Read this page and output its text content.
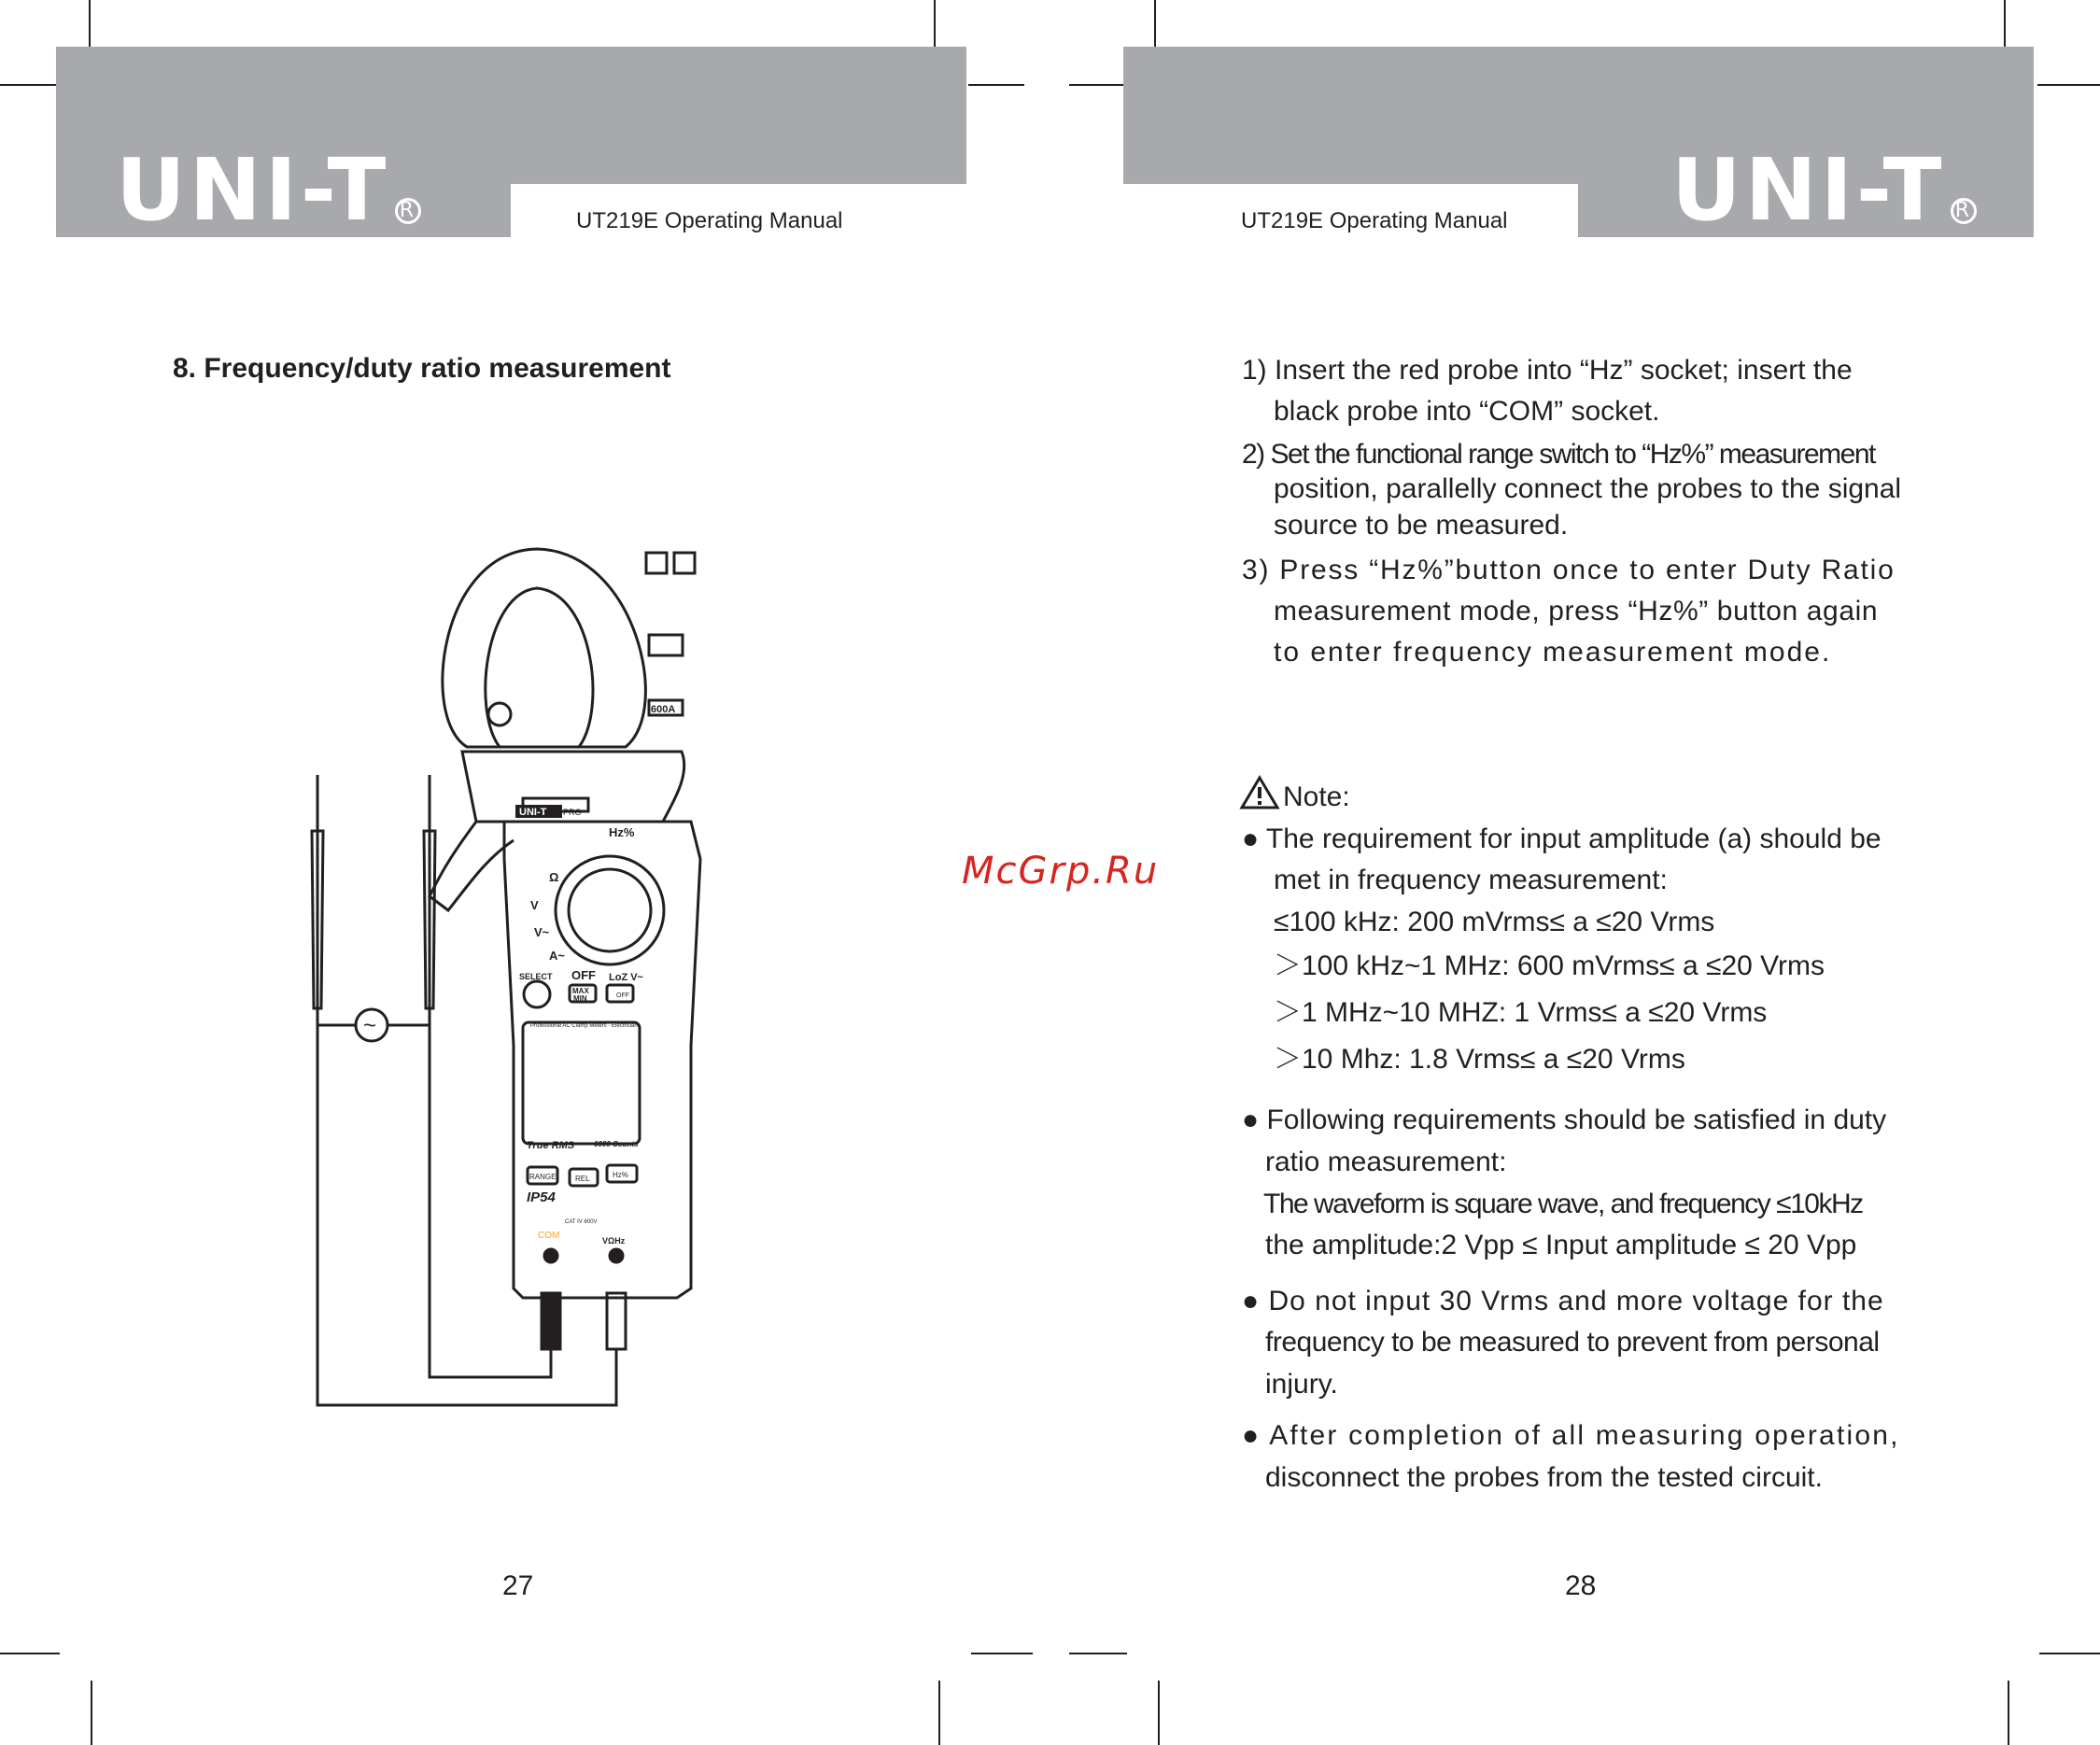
UNI-T R	UT219E Operating Manual	UNI-T R
UT219E Operating Manual
8. Frequency/duty ratio measurement
UNI-T PRO
Hz%
Ω
V
V~
A~
OFF LoZ V~
SELECT
MAX
MIN	OFF
Professional AC Clamp Meters · Electrician
True RMS	6000 Counts
RANGE	REL	Hz%
IP54
CAT IV 600V
COM	VΩHz
600A
~
McGrp.Ru
27
1) Insert the red probe into “Hz” socket; insert the
black probe into “COM” socket.
2) Set the functional range switch to “Hz%” measurement
position, parallelly connect the probes to the signal
source to be measured.
3) Press “Hz%”button once to enter Duty Ratio
measurement mode, press “Hz%” button again
to enter frequency measurement mode.
Note:
● The requirement for input amplitude (a) should be
met in frequency measurement:
≤100 kHz: 200 mVrms≤ a ≤20 Vrms
＞100 kHz~1 MHz: 600 mVrms≤ a ≤20 Vrms
＞1 MHz~10 MHZ: 1 Vrms≤ a ≤20 Vrms
＞10 Mhz: 1.8 Vrms≤ a ≤20 Vrms
● Following requirements should be satisfied in duty
ratio measurement:
The waveform is square wave, and frequency ≤10kHz
the amplitude:2 Vpp ≤ Input amplitude ≤ 20 Vpp
● Do not input 30 Vrms and more voltage for the
frequency to be measured to prevent from personal
injury.
● After completion of all measuring operation,
disconnect the probes from the tested circuit.
28
